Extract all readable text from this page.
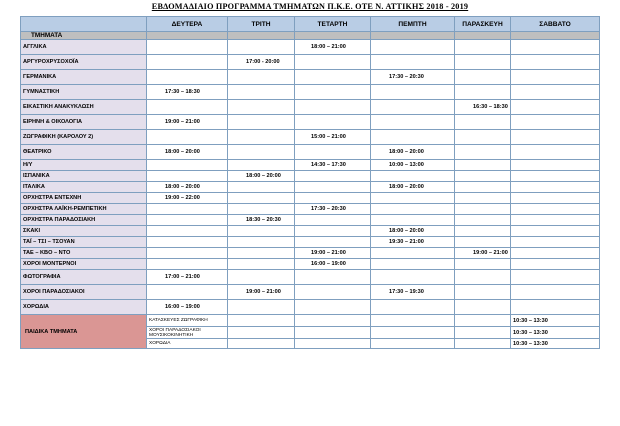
ΕΒΔΟΜΑΔΙΑΙΟ ΠΡΟΓΡΑΜΜΑ ΤΜΗΜΑΤΩΝ Π.Κ.Ε. ΟΤΕ Ν. ΑΤΤΙΚΗΣ 2018 - 2019
	ΔΕΥΤΕΡΑ	ΤΡΙΤΗ	ΤΕΤΑΡΤΗ	ΠΕΜΠΤΗ	ΠΑΡΑΣΚΕΥΗ	ΣΑΒΒΑΤΟ
ΤΜΗΜΑΤΑ						
ΑΓΓΛΙΚΑ			18:00 – 21:00			
ΑΡΓΥΡΟΧΡΥΣΟΧΟΪΑ		17:00 - 20:00				
ΓΕΡΜΑΝΙΚΑ				17:30 – 20:30		
ΓΥΜΝΑΣΤΙΚΗ	17:30 – 18:30					
ΕΙΚΑΣΤΙΚΗ ΑΝΑΚΥΚΛΩΣΗ					16:30 – 18:30	
ΕΙΡΗΝΗ & ΟΙΚΟΛΟΓΙΑ	19:00 – 21:00					
ΖΩΓΡΑΦΙΚΗ (ΚΑΡΟΛΟΥ 2)			15:00 – 21:00			
ΘΕΑΤΡΙΚΟ	18:00 – 20:00			18:00 – 20:00		
Η/Υ			14:30 – 17:30	10:00 – 13:00		
ΙΣΠΑΝΙΚΑ		18:00 – 20:00				
ΙΤΑΛΙΚΑ	18:00 – 20:00			18:00 – 20:00		
ΟΡΧΗΣΤΡΑ ΕΝΤΕΧΝΗ	19:00 – 22:00					
ΟΡΧΗΣΤΡΑ ΛΑΪΚΗ-ΡΕΜΠΕΤΙΚΗ			17:30 – 20:30			
ΟΡΧΗΣΤΡΑ ΠΑΡΑΔΟΣΙΑΚΗ		18:30 – 20:30				
ΣΚΑΚΙ				18:00 – 20:00		
ΤΑΪ – ΤΣΙ – ΤΣΟΥΑΝ				19:30 – 21:00		
ΤΑΕ – ΚΒΟ – ΝΤΟ			19:00 – 21:00		19:00 – 21:00	
ΧΟΡΟΙ ΜΟΝΤΕΡΝΟΙ			16:00 – 19:00			
ΦΩΤΟΓΡΑΦΙΑ	17:00 – 21:00					
ΧΟΡΟΙ ΠΑΡΑΔΟΣΙΑΚΟΙ		19:00 – 21:00		17:30 – 19:30		
ΧΟΡΩΔΙΑ	16:00 – 19:00					
ΠΑΙΔΙΚΑ ΤΜΗΜΑΤΑ	ΚΑΤΑΣΚΕΥΕΣ ΖΩΓΡΑΦΙΚΗ					10:30 – 13:30
	ΧΟΡΟΙ ΠΑΡΑΔΟΣΙΑΚΟΙ ΜΟΥΣΙΚΟΚΙΝΗΤΙΚΗ					10:30 – 13:30
	ΧΟΡΩΔΙΑ					10:30 – 13:30
